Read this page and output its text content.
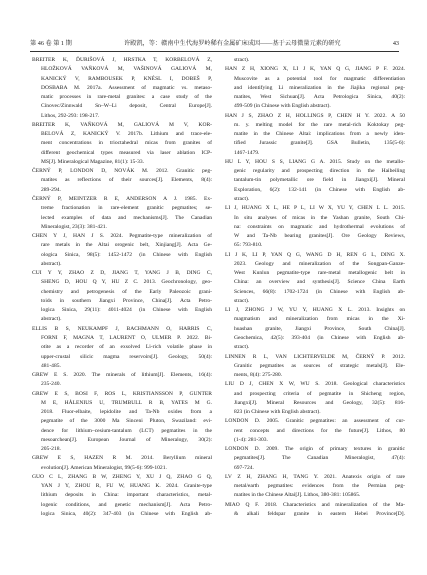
第 46 卷 第 1 期	许殿凯，等：赣南中生代海罗岭稀有金属矿床成因——基于云母微量元素的研究	43
BREITER K, ĎURIŠOVÁ J, HRSTKA T, KORBELOVÁ Z,
HLOŽKOVÁ VAŇKOVÁ M, VAŠINOVÁ GALIOVÁ M,
KANICKÝ V, RAMBOUSEK P, KNÉSL I, DOBEŠ P,
DOSBABA M. 2017a. Assessment of magmatic vs. metaso-
matic processes in rare-metal granites: a case study of the
Cínovec/Zinnwald Sn–W–Li deposit, Central Europe[J].
Lithos, 292-293: 198-217.
BREITER K, VAŇKOVÁ M, GALIOVÁ M V, KOR-
BELOVÁ Z, KANICKÝ V. 2017b. Lithium and trace-ele-
ment concentrations in trioctahedral micas from granites of
different geochemical types measured via laser ablation ICP-
MS[J]. Mineralogical Magazine, 81(1): 15-33.
ČERNÝ P, LONDON D, NOVÁK M. 2012. Granitic peg-
matites as reflections of their sources[J]. Elements, 8(4):
289-294.
ČERNÝ P, MEINTZER R E, ANDERSON A J. 1985. Ex-
treme fractionation in rare-element granitic pegmatites; se-
lected examples of data and mechanisms[J]. The Canadian
Mineralogist, 23(3): 381-421.
CHEN Y J, HAN J S. 2024. Pegmatite-type mineralization of
rare metals in the Altai orogenic belt, Xinjiang[J]. Acta Ge-
ologica Sinica, 98(5): 1452-1472 (in Chinese with English
abstract).
CUI Y Y, ZHAO Z D, JIANG T, YANG J B, DING C,
SHENG D, HOU Q Y, HU Z C. 2013. Geochronology, geo-
chemistry and petrogenesis of the Early Paleozoic grani-
toids in southern Jiangxi Province, China[J]. Acta Petro-
logica Sinica, 29(11): 4011-4024 (in Chinese with English
abstract).
ELLIS B S, NEUKAMPF J, BACHMANN O, HARRIS C,
FORNI F, MAGNA T, LAURENT O, ULMER P. 2022. Bi-
otite as a recorder of an exsolved Li-rich volatile phase in
upper-crustal silicic magma reservoirs[J]. Geology, 50(4):
481-485.
GREW E S. 2020. The minerals of lithium[J]. Elements, 16(4):
235-240.
GREW E S, BOSI F, ROS L, KRISTIANSSON P, GUNTER
M E, HÅLENIUS U, TRUMBULL R B, YATES M G.
2018. Fluor-elbaite, lepidolite and Ta-Nb oxides from a
pegmatite of the 3000 Ma Sinceni Pluton, Swaziland: evi-
dence for lithium–cesium-tantalum (LCT) pegmatites in the
mesoarchean[J]. European Journal of Mineralogy, 30(2):
205-218.
GREW E S, HAZEN R M. 2014. Beryllium mineral
evolution[J]. American Mineralogist, 99(5-6): 999-1021.
GUO C L, ZHANG B W, ZHENG Y, XU J Q, ZHAO G Q,
YAN J Y, ZHOU R, FU W, HUANG K. 2024. Granite-type
lithium deposits in China: important characteristics, metal-
logenic conditions, and genetic mechanism[J]. Acta Petro-
logica Sinica, 40(2): 347-403 (in Chinese with English ab-
stract).
HAN Z H, XIONG X, LI J K, YAN Q G, JIANG P F. 2024.
Muscovite as a potential tool for magmatic differentiation
and identifying Li mineralization in the Jiajika regional peg-
matites, West Sichuan[J]. Acta Petrologica Sinica, 40(2):
499-509 (in Chinese with English abstract).
HAN J S, ZHAO Z H, HOLLINGS P, CHEN H Y. 2022. A 50
m. y. melting model for the rare metal-rich Koktokay peg-
matite in the Chinese Altai: implications from a newly iden-
tified Jurassic granite[J]. GSA Bulletin, 135(5-6):
1467-1479.
HU L Y, HOU S S, LIANG G A. 2015. Study on the metallo-
genic regularity and prospecting direction in the Haibeiling
tantalum-tin polymetallic ore field in Jiangxi[J]. Mineral
Exploration, 6(2): 132-141 (in Chinese with English ab-
stract).
LI J, HUANG X L, HE P L, LI W X, YU Y, CHEN L L. 2015.
In situ analyses of micas in the Yashan granite, South Chi-
na: constraints on magmatic and hydrothermal evolutions of
W and Ta-Nb bearing granites[J]. Ore Geology Reviews,
65: 793-810.
LI J K, LI P, YAN Q G, WANG D H, REN G L, DING X.
2023. Geology and mineralization of the Songpan-Ganze-
West Kunlun pegmatite-type rare-metal metallogenic belt in
China: an overview and synthesis[J]. Science China Earth
Sciences, 66(8): 1702-1724 (in Chinese with English ab-
stract).
LI J, ZHONG J W, YU Y, HUANG X L. 2013. Insights on
magmatism and mineralization from micas in the Xi-
huashan granite, Jiangxi Province, South China[J].
Geochemica, 42(5): 393-404 (in Chinese with English ab-
stract).
LINNEN R L, VAN LICHTERVELDE M, ČERNÝ P. 2012.
Granitic pegmatites as sources of strategic metals[J]. Ele-
ments, 8(4): 275-280.
LIU D J, CHEN X W, WU S. 2018. Geological characteristics
and prospecting criteria of pegmatite in Shicheng region,
Jiangxi[J]. Mineral Resources and Geology, 32(5): 816-
823 (in Chinese with English abstract).
LONDON D. 2005. Granitic pegmatites: an assessment of cur-
rent concepts and directions for the future[J]. Lithos, 80
(1-4): 281-303.
LONDON D. 2009. The origin of primary textures in granitic
pegmatites[J]. The Canadian Mineralogist, 47(4):
697-724.
LV Z H, ZHANG H, TANG Y. 2021. Anatexis origin of rare
metal/earth pegmatites: evidences from the Permian peg-
matites in the Chinese Altai[J]. Lithos, 380-381: 105865.
MIAO Q F. 2018. Characteristics and mineralization of the Ma-
& alkali feldspar granite in eastern Hebei Province[D].
